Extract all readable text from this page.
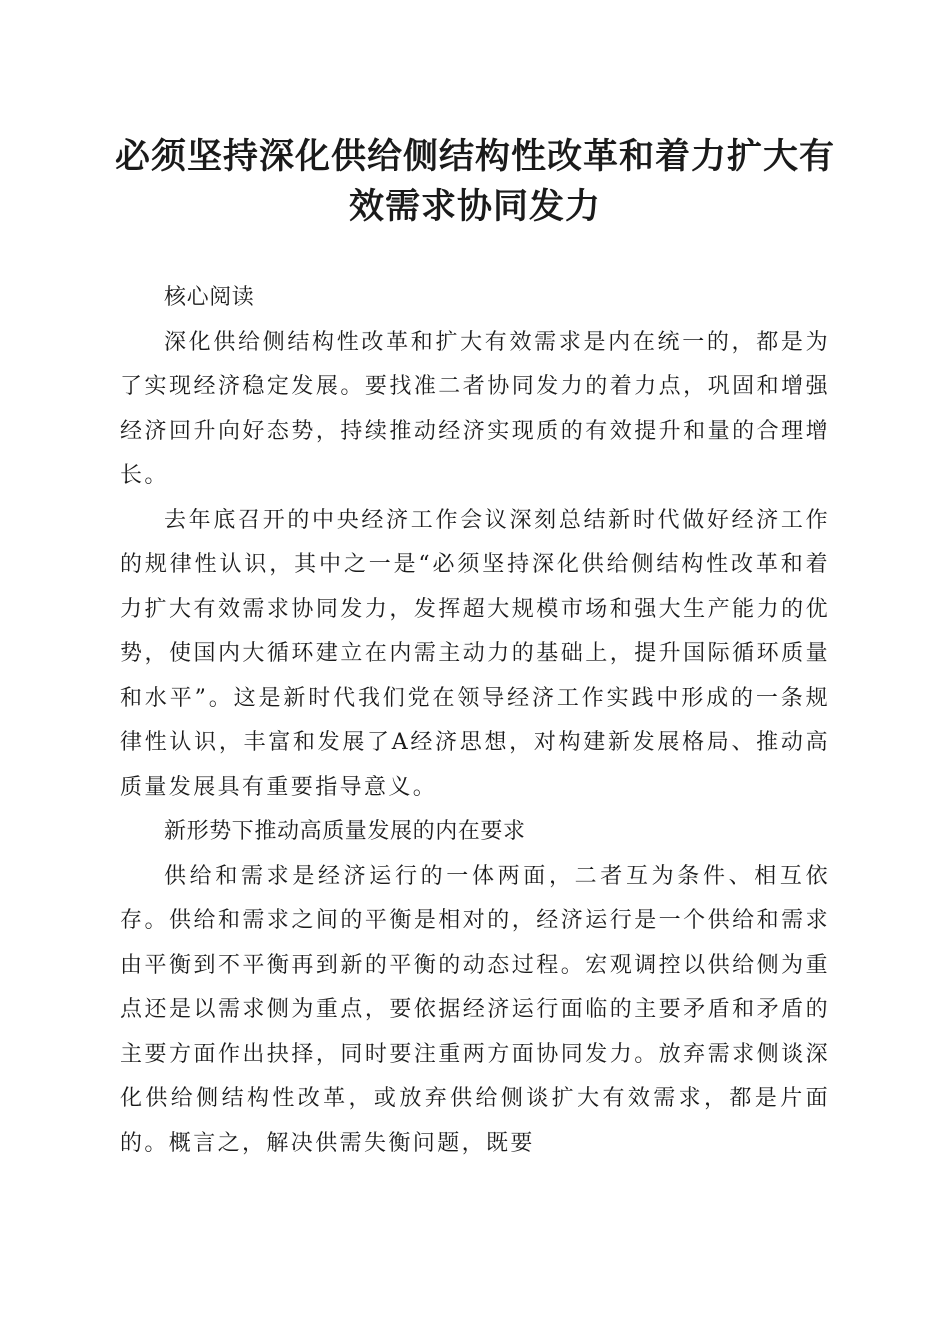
必须坚持深化供给侧结构性改革和着力扩大有效需求协同发力

核心阅读

深化供给侧结构性改革和扩大有效需求是内在统一的，都是为了实现经济稳定发展。要找准二者协同发力的着力点，巩固和增强经济回升向好态势，持续推动经济实现质的有效提升和量的合理增长。

去年底召开的中央经济工作会议深刻总结新时代做好经济工作的规律性认识，其中之一是“必须坚持深化供给侧结构性改革和着力扩大有效需求协同发力，发挥超大规模市场和强大生产能力的优势，使国内大循环建立在内需主动力的基础上，提升国际循环质量和水平”。这是新时代我们党在领导经济工作实践中形成的一条规律性认识，丰富和发展了A经济思想，对构建新发展格局、推动高质量发展具有重要指导意义。

新形势下推动高质量发展的内在要求

供给和需求是经济运行的一体两面，二者互为条件、相互依存。供给和需求之间的平衡是相对的，经济运行是一个供给和需求由平衡到不平衡再到新的平衡的动态过程。宏观调控以供给侧为重点还是以需求侧为重点，要依据经济运行面临的主要矛盾和矛盾的主要方面作出抉择，同时要注重两方面协同发力。放弃需求侧谈深化供给侧结构性改革，或放弃供给侧谈扩大有效需求，都是片面的。概言之，解决供需失衡问题，既要
